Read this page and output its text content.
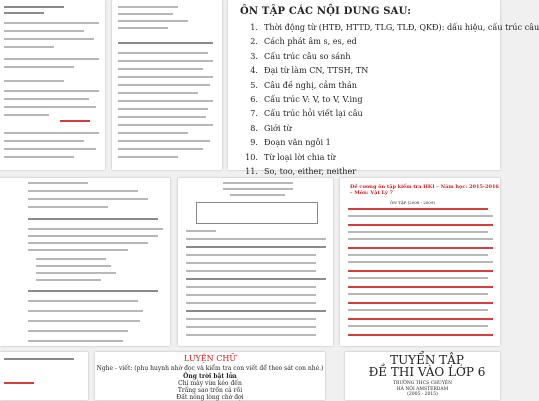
ÔN TẬP CÁC NỘI DUNG SAU:
1. Thời động từ (HTĐ, HTTD, TLG, TLĐ, QKĐ): dấu hiệu, cấu trúc câu
2. Cách phát âm s, es, ed
3. Cấu trúc câu so sánh
4. Đại từ làm CN, TTSH, TN
5. Câu đề nghị, cảm thán
6. Cấu trúc V: V, to V, V.ing
7. Cấu trúc hỏi viết lại câu
8. Giới từ
9. Đoạn văn ngôi 1
10. Từ loại lời chia từ
11. So, too, either, neither
Đề cương ôn tập kiểm tra HKI – Năm học: 2015-2016 – Môn: Vật Lý 7
ÔN TẬP (2008 - 2009)
LUYỆN CHỮ
Nghe - viết: (phụ huynh nhờ đọc và kiểm tra con viết để theo sát con nhé.)
Ông trời bật lửa
Chị mây vừa kéo đến
Trăng sao trốn cả rồi
Đất nóng lòng chờ đợi
TUYỂN TẬP
ĐỀ THI VÀO LỚP 6
TRƯỜNG THCS CHUYÊN
HÀ NỘI AMSTERDAM
(2005 - 2015)
